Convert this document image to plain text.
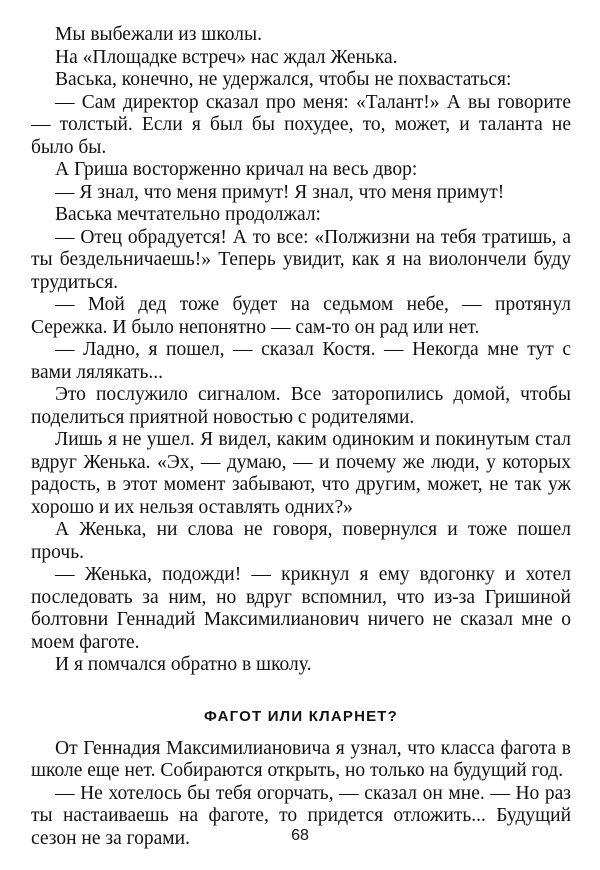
Мы выбежали из школы.

На «Площадке встреч» нас ждал Женька.

Васька, конечно, не удержался, чтобы не похвастаться:

— Сам директор сказал про меня: «Талант!» А вы говорите — толстый. Если я был бы похудее, то, может, и таланта не было бы.

А Гриша восторженно кричал на весь двор:

— Я знал, что меня примут! Я знал, что меня примут!

Васька мечтательно продолжал:

— Отец обрадуется! А то все: «Полжизни на тебя тратишь, а ты бездельничаешь!» Теперь увидит, как я на виолончели буду трудиться.

— Мой дед тоже будет на седьмом небе, — протянул Сережка. И было непонятно — сам-то он рад или нет.

— Ладно, я пошел, — сказал Костя. — Некогда мне тут с вами лялякать...

Это послужило сигналом. Все заторопились домой, чтобы поделиться приятной новостью с родителями.

Лишь я не ушел. Я видел, каким одиноким и покинутым стал вдруг Женька. «Эх, — думаю, — и почему же люди, у которых радость, в этот момент забывают, что другим, может, не так уж хорошо и их нельзя оставлять одних?»

А Женька, ни слова не говоря, повернулся и тоже пошел прочь.

— Женька, подожди! — крикнул я ему вдогонку и хотел последовать за ним, но вдруг вспомнил, что из-за Гришиной болтовни Геннадий Максимилианович ничего не сказал мне о моем фаготе.

И я помчался обратно в школу.

ФАГОТ ИЛИ КЛАРНЕТ?

От Геннадия Максимилиановича я узнал, что класса фагота в школе еще нет. Собираются открыть, но только на будущий год.

— Не хотелось бы тебя огорчать, — сказал он мне. — Но раз ты настаиваешь на фаготе, то придется отложить... Будущий сезон не за горами.	68
